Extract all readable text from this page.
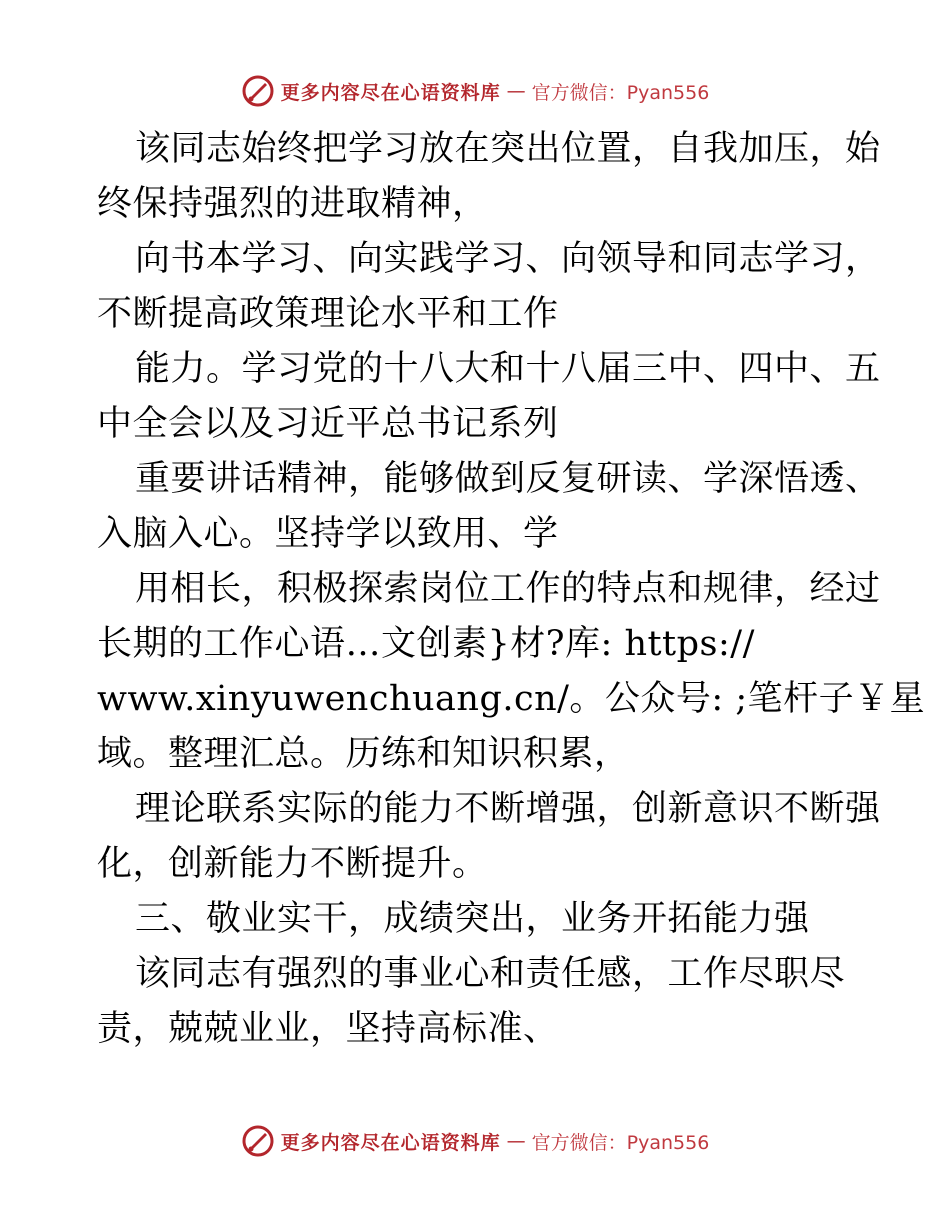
更多内容尽在心语资料库 — 官方微信：Pyan556
该同志始终把学习放在突出位置，自我加压，始
终保持强烈的进取精神，
向书本学习、向实践学习、向领导和同志学习，
不断提高政策理论水平和工作
能力。学习党的十八大和十八届三中、四中、五
中全会以及习近平总书记系列
重要讲话精神，能够做到反复研读、学深悟透、
入脑入心。坚持学以致用、学
用相长，积极探索岗位工作的特点和规律，经过
长期的工作心语…文创素}材?库: https://
www.xinyuwenchuang.cn/。公众号: ;笔杆子￥星
域。整理汇总。历练和知识积累，
理论联系实际的能力不断增强，创新意识不断强
化，创新能力不断提升。
三、敬业实干，成绩突出，业务开拓能力强
该同志有强烈的事业心和责任感，工作尽职尽
责，兢兢业业，坚持高标准、
更多内容尽在心语资料库 — 官方微信：Pyan556
